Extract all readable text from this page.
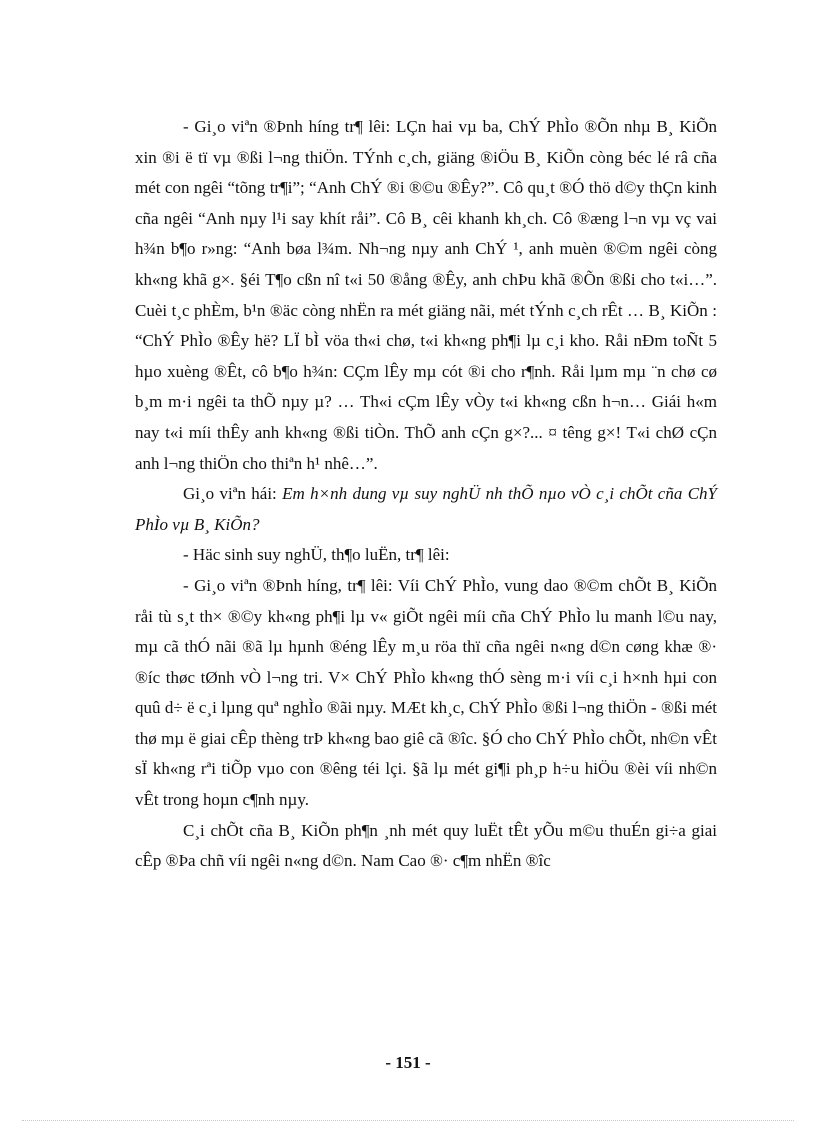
- Gi¸o viªn ®Þnh híng tr¶ lêi: LÇn hai vµ ba, ChÝ PhÌo ®Õn nhµ B¸ KiÕn xin ®i ë tï vµ ®ßi l¬ng thiÖn. TÝnh c¸ch, giäng ®iÖu B¸ KiÕn còng béc lé râ cña mét con ngêi “tõng tr¶i”; “Anh ChÝ ®i ®©u ®Êy?”. Cô qu¸t ®Ó thö d©y thÇn kinh cña ngêi “Anh nµy l¹i say khít råi”. Cô B¸ cêi khanh kh¸ch. Cô ®æng l¬n vµ vç vai h¾n b¶o r»ng: “Anh bøa l¾m. Nh¬ng nµy anh ChÝ ¹, anh muèn ®©m ngêi còng kh«ng khã g×. §éi T¶o cßn nî t«i 50 ®ång ®Êy, anh chÞu khã ®Õn ®ßi cho t«i…”. Cuèi t¸c phÈm, b¹n ®äc còng nhËn ra mét giäng nãi, mét tÝnh c¸ch rÊt … B¸ KiÕn : “ChÝ PhÌo ®Êy hë? LÏ bÌ vöa th«i chø, t«i kh«ng ph¶i lµ c¸i kho. Råi nÐm toÑt 5 hµo xuèng ®Êt, cô b¶o h¾n: CÇm lÊy mµ cót ®i cho r¶nh. Råi lµm mµ ¨n chø cø b¸m m·i ngêi ta thÕ nµy µ? … Th«i cÇm lÊy vÒy t«i kh«ng cßn h¬n… Giái h«m nay t«i míi thÊy anh kh«ng ®ßi tiÒn. ThÕ anh cÇn g×?... ¤ têng g×! T«i chØ cÇn anh l¬ng thiÖn cho thiªn h¹ nhê…”.

Gi¸o viªn hái: Em h×nh dung vµ suy nghÜ nh thÕ nµo vÒ c¸i chÕt cña ChÝ PhÌo vµ B¸ KiÕn?

- Häc sinh suy nghÜ, th¶o luËn, tr¶ lêi:

- Gi¸o viªn ®Þnh híng, tr¶ lêi: Víi ChÝ PhÌo, vung dao ®©m chÕt B¸ KiÕn råi tù s¸t th× ®©y kh«ng ph¶i lµ v« giÕt ngêi míi cña ChÝ PhÌo lu manh l©u nay, mµ cã thÓ nãi ®ã lµ hµnh ®éng lÊy m¸u röa thï cña ngêi n«ng d©n cøng khæ ®· ®íc thøc tØnh vÒ l¬ng tri. V× ChÝ PhÌo kh«ng thÓ sèng m·i víi c¸i h×nh hµi con quû d÷ ë c¸i lµng quª nghÌo ®ãi nµy. MÆt kh¸c, ChÝ PhÌo ®ßi l¬ng thiÖn - ®ßi mét thø mµ ë giai cÊp thèng trÞ kh«ng bao giê cã ®îc. §Ó cho ChÝ PhÌo chÕt, nh©n vÊt sÏ kh«ng rªi tiÕp vµo con ®êng téi lçi. §ã lµ mét gi¶i ph¸p h÷u hiÖu ®èi víi nh©n vÊt trong hoµn c¶nh nµy.

C¸i chÕt cña B¸ KiÕn ph¶n ¸nh mét quy luËt tÊt yÕu m©u thuÉn gi÷a giai cÊp ®Þa chñ víi ngêi n«ng d©n. Nam Cao ®· c¶m nhËn ®îc

- 151 -
